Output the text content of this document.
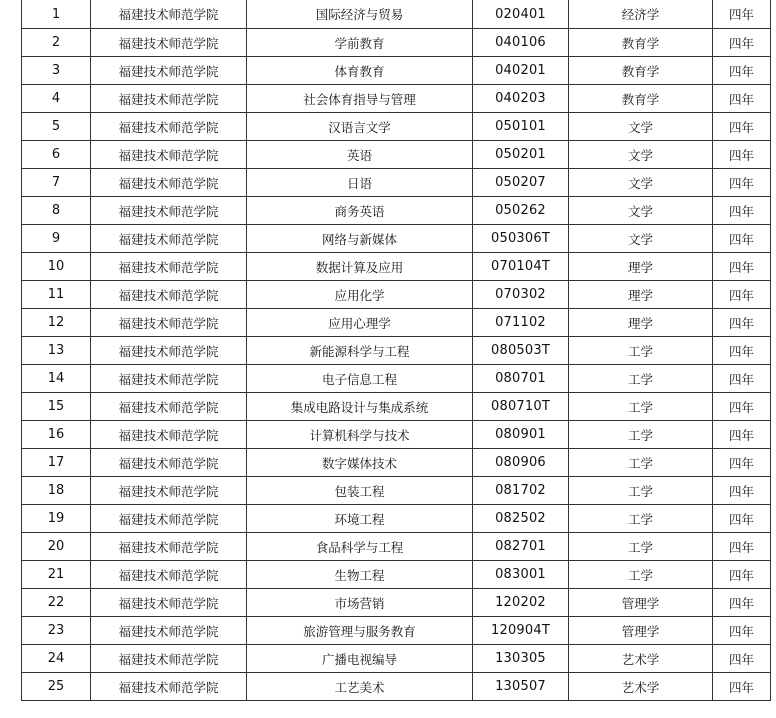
1	福建技术师范学院	国际经济与贸易	020401	经济学	四年
2	福建技术师范学院	学前教育	040106	教育学	四年
3	福建技术师范学院	体育教育	040201	教育学	四年
4	福建技术师范学院	社会体育指导与管理	040203	教育学	四年
5	福建技术师范学院	汉语言文学	050101	文学	四年
6	福建技术师范学院	英语	050201	文学	四年
7	福建技术师范学院	日语	050207	文学	四年
8	福建技术师范学院	商务英语	050262	文学	四年
9	福建技术师范学院	网络与新媒体	050306T	文学	四年
10	福建技术师范学院	数据计算及应用	070104T	理学	四年
11	福建技术师范学院	应用化学	070302	理学	四年
12	福建技术师范学院	应用心理学	071102	理学	四年
13	福建技术师范学院	新能源科学与工程	080503T	工学	四年
14	福建技术师范学院	电子信息工程	080701	工学	四年
15	福建技术师范学院	集成电路设计与集成系统	080710T	工学	四年
16	福建技术师范学院	计算机科学与技术	080901	工学	四年
17	福建技术师范学院	数字媒体技术	080906	工学	四年
18	福建技术师范学院	包装工程	081702	工学	四年
19	福建技术师范学院	环境工程	082502	工学	四年
20	福建技术师范学院	食品科学与工程	082701	工学	四年
21	福建技术师范学院	生物工程	083001	工学	四年
22	福建技术师范学院	市场营销	120202	管理学	四年
23	福建技术师范学院	旅游管理与服务教育	120904T	管理学	四年
24	福建技术师范学院	广播电视编导	130305	艺术学	四年
25	福建技术师范学院	工艺美术	130507	艺术学	四年
